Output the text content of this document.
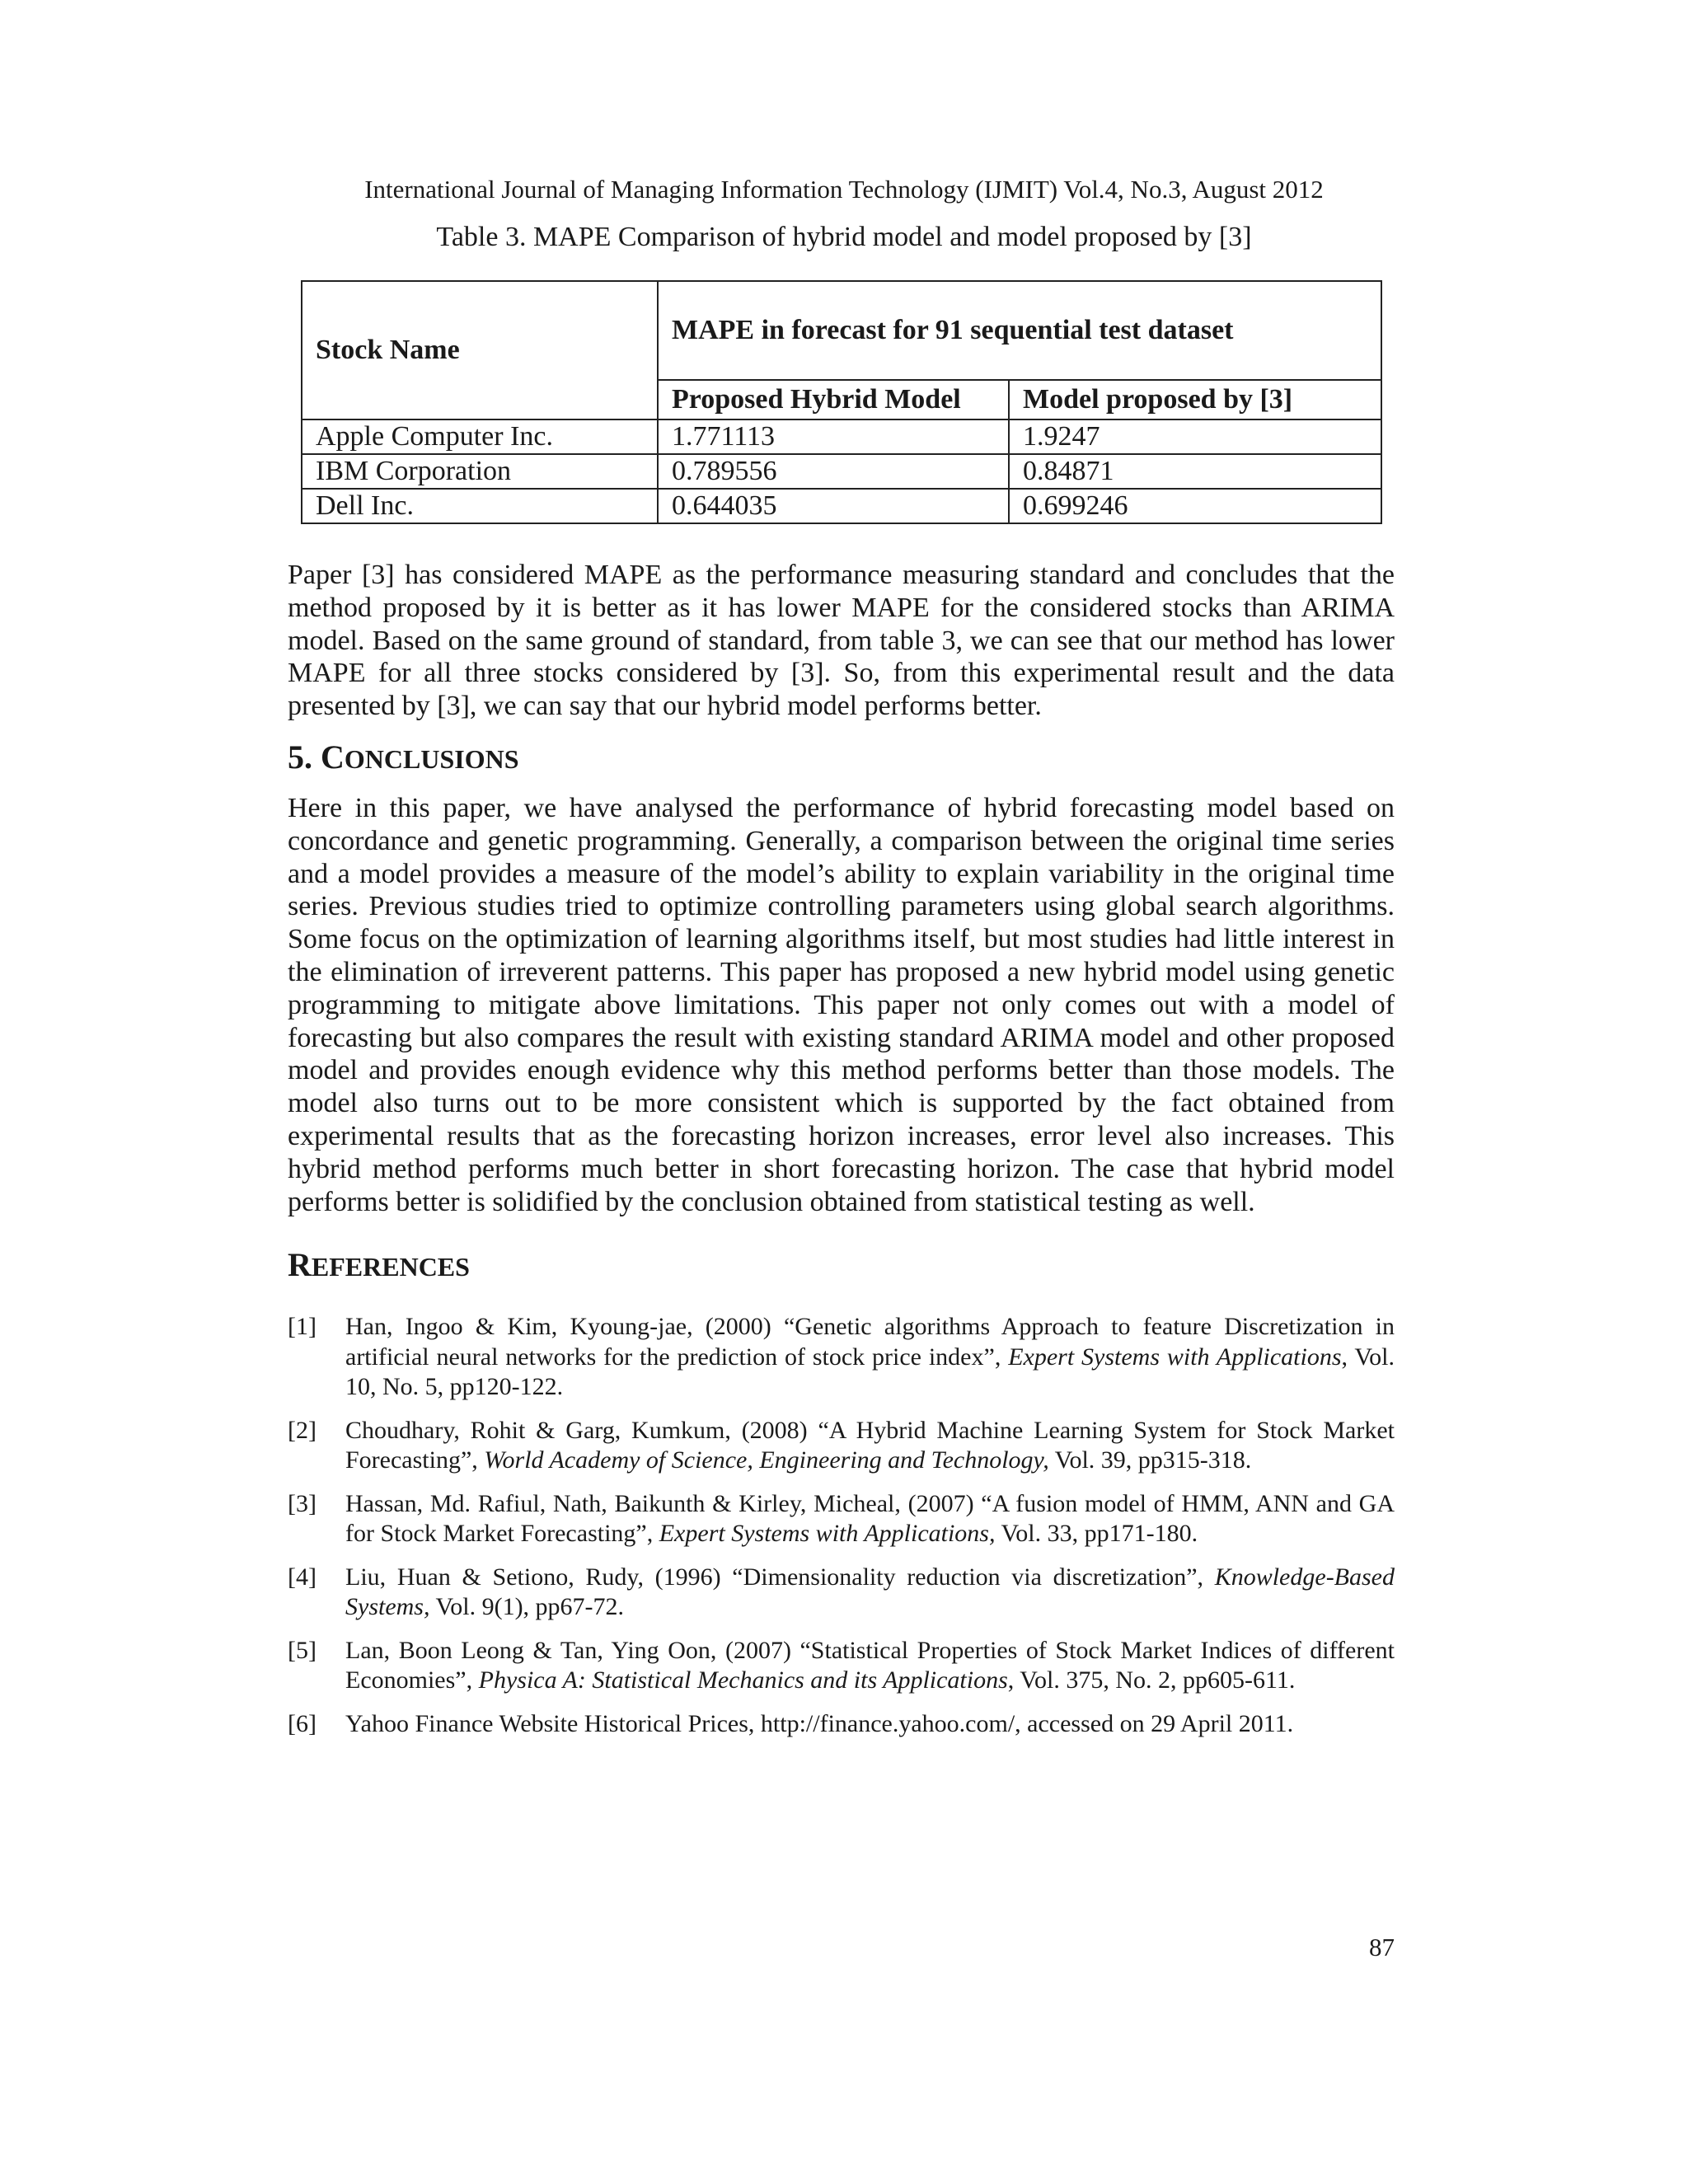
International Journal of Managing Information Technology (IJMIT) Vol.4, No.3, August 2012

Table 3. MAPE Comparison of hybrid model and model proposed by [3]

Stock Name	MAPE in forecast for 91 sequential test dataset	
	Proposed Hybrid Model	Model proposed by [3]
Apple Computer Inc.	1.771113	1.9247
IBM Corporation	0.789556	0.84871
Dell Inc.	0.644035	0.699246

Paper [3] has considered MAPE as the performance measuring standard and concludes that the method proposed by it is better as it has lower MAPE for the considered stocks than ARIMA model. Based on the same ground of standard, from table 3, we can see that our method has lower MAPE for all three stocks considered by [3]. So, from this experimental result and the data presented by [3], we can say that our hybrid model performs better.

5. CONCLUSIONS

Here in this paper, we have analysed the performance of hybrid forecasting model based on concordance and genetic programming. Generally, a comparison between the original time series and a model provides a measure of the model’s ability to explain variability in the original time series. Previous studies tried to optimize controlling parameters using global search algorithms. Some focus on the optimization of learning algorithms itself, but most studies had little interest in the elimination of irreverent patterns. This paper has proposed a new hybrid model using genetic programming to mitigate above limitations. This paper not only comes out with a model of forecasting but also compares the result with existing standard ARIMA model and other proposed model and provides enough evidence why this method performs better than those models. The model also turns out to be more consistent which is supported by the fact obtained from experimental results that as the forecasting horizon increases, error level also increases. This hybrid method performs much better in short forecasting horizon. The case that hybrid model performs better is solidified by the conclusion obtained from statistical testing as well.

REFERENCES
[1] Han, Ingoo & Kim, Kyoung-jae, (2000) “Genetic algorithms Approach to feature Discretization in artificial neural networks for the prediction of stock price index”, Expert Systems with Applications, Vol. 10, No. 5, pp120-122.
[2] Choudhary, Rohit & Garg, Kumkum, (2008) “A Hybrid Machine Learning System for Stock Market Forecasting”, World Academy of Science, Engineering and Technology, Vol. 39, pp315-318.
[3] Hassan, Md. Rafiul, Nath, Baikunth & Kirley, Micheal, (2007) “A fusion model of HMM, ANN and GA for Stock Market Forecasting”, Expert Systems with Applications, Vol. 33, pp171-180.
[4] Liu, Huan & Setiono, Rudy, (1996) “Dimensionality reduction via discretization”, Knowledge-Based Systems, Vol. 9(1), pp67-72.
[5] Lan, Boon Leong & Tan, Ying Oon, (2007) “Statistical Properties of Stock Market Indices of different Economies”, Physica A: Statistical Mechanics and its Applications, Vol. 375, No. 2, pp605-611.
[6] Yahoo Finance Website Historical Prices, http://finance.yahoo.com/, accessed on 29 April 2011.

87
